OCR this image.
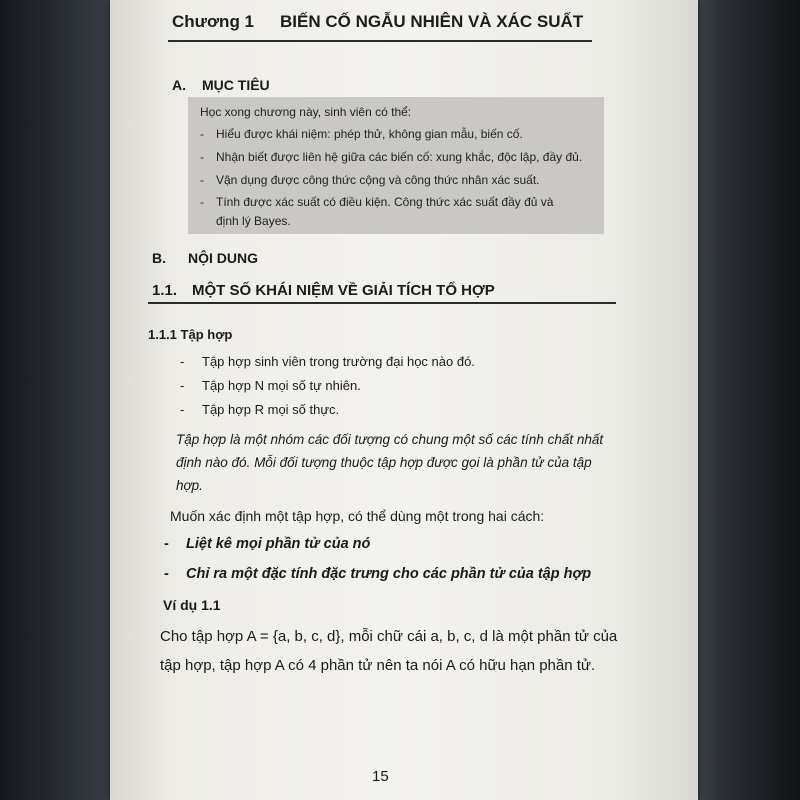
Chương 1 BIẾN CỐ NGẪU NHIÊN VÀ XÁC SUẤT
A. MỤC TIÊU
Học xong chương này, sinh viên có thể:
- Hiểu được khái niệm: phép thử, không gian mẫu, biến cố.
- Nhận biết được liên hệ giữa các biến cố: xung khắc, độc lập, đầy đủ.
- Vận dụng được công thức cộng và công thức nhân xác suất.
- Tính được xác suất có điều kiện. Công thức xác suất đầy đủ và
định lý Bayes.
B. NỘI DUNG
1.1. MỘT SỐ KHÁI NIỆM VỀ GIẢI TÍCH TỔ HỢP
1.1.1 Tập hợp
- Tập hợp sinh viên trong trường đại học nào đó.
- Tập hợp N mọi số tự nhiên.
- Tập hợp R mọi số thực.
Tập hợp là một nhóm các đối tượng có chung một số các tính chất nhất
định nào đó. Mỗi đối tượng thuộc tập hợp được gọi là phần tử của tập
hợp.
Muốn xác định một tập hợp, có thể dùng một trong hai cách:
- Liệt kê mọi phần tử của nó
- Chỉ ra một đặc tính đặc trưng cho các phần tử của tập hợp
Ví dụ 1.1
Cho tập hợp A = {a, b, c, d}, mỗi chữ cái a, b, c, d là một phần tử của
tập hợp, tập hợp A có 4 phần tử nên ta nói A có hữu hạn phần tử.
15
